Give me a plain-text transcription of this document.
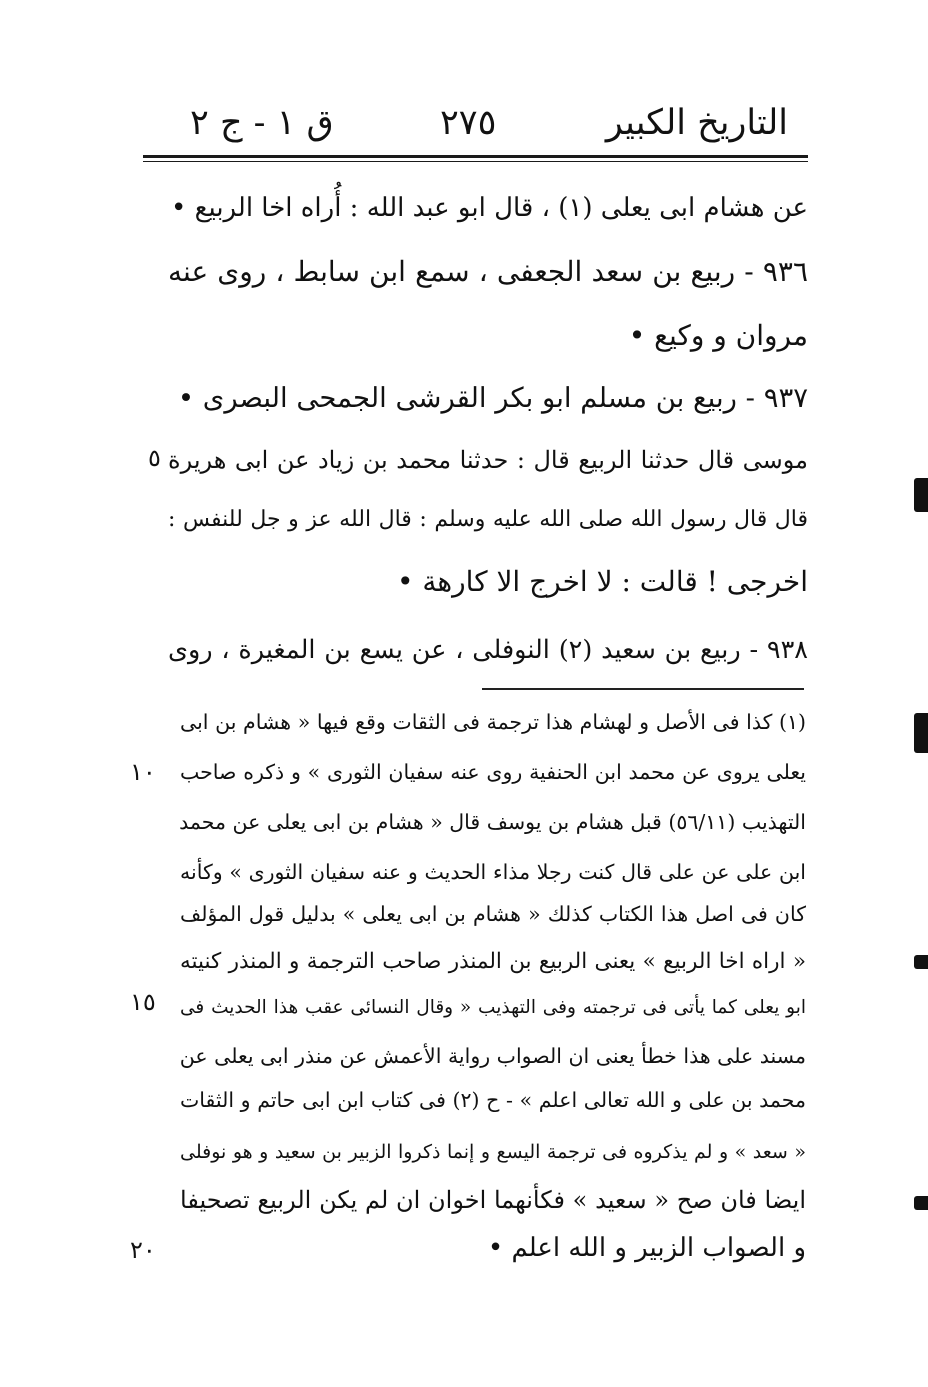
التاريخ الكبير
٢٧٥
ق ١ - ج ٢
عن هشام ابى يعلى (١) ، قال ابو عبد الله : أُراه اخا الربيع •
٩٣٦ - ربيع بن سعد الجعفى ، سمع ابن سابط ، روى عنه
مروان و وكيع •
٩٣٧ - ربيع بن مسلم ابو بكر القرشى الجمحى البصرى •
موسى قال حدثنا الربيع قال : حدثنا محمد بن زياد عن ابى هريرة
قال قال رسول الله صلى الله عليه وسلم : قال الله عز و جل للنفس :
اخرجى ! قالت : لا اخرج الا كارهة •
٩٣٨ - ربيع بن سعيد (٢) النوفلى ، عن يسع بن المغيرة ، روى
(١) كذا فى الأصل و لهشام هذا ترجمة فى الثقات وقع فيها « هشام بن ابى
يعلى يروى عن محمد ابن الحنفية روى عنه سفيان الثورى » و ذكره صاحب
التهذيب (٥٦/١١) قبل هشام بن يوسف قال « هشام بن ابى يعلى عن محمد
ابن على عن على قال كنت رجلا مذاء الحديث و عنه سفيان الثورى » وكأنه
كان فى اصل هذا الكتاب كذلك « هشام بن ابى يعلى » بدليل قول المؤلف
« اراه اخا الربيع » يعنى الربيع بن المنذر صاحب الترجمة و المنذر كنيته
ابو يعلى كما يأتى فى ترجمته وفى التهذيب « وقال النسائى عقب هذا الحديث فى
مسند على هذا خطأ يعنى ان الصواب رواية الأعمش عن منذر ابى يعلى عن
محمد بن على و الله تعالى اعلم » - ح (٢) فى كتاب ابن ابى حاتم و الثقات
« سعد » و لم يذكروه فى ترجمة اليسع و إنما ذكروا الزبير بن سعيد و هو نوفلى
ايضا فان صح « سعيد » فكأنهما اخوان ان لم يكن الربيع تصحيفا
و الصواب الزبير و الله اعلم •
٥
١٠
١٥
٢٠
